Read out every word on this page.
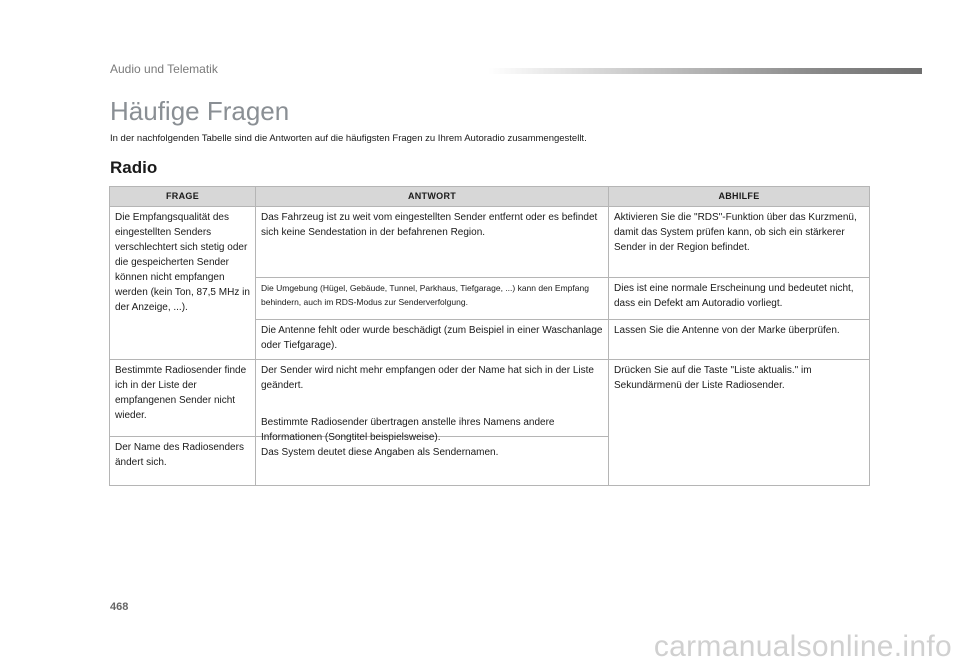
Audio und Telematik
Häufige Fragen
In der nachfolgenden Tabelle sind die Antworten auf die häufigsten Fragen zu Ihrem Autoradio zusammengestellt.
Radio
FRAGE	ANTWORT	ABHILFE
Die Empfangsqualität des eingestellten Senders verschlechtert sich stetig oder die gespeicherten Sender können nicht empfangen werden (kein Ton, 87,5 MHz in der Anzeige, ...).	Das Fahrzeug ist zu weit vom eingestellten Sender entfernt oder es befindet sich keine Sendestation in der befahrenen Region.	Aktivieren Sie die "RDS"-Funktion über das Kurzmenü, damit das System prüfen kann, ob sich ein stärkerer Sender in der Region befindet.
	Die Umgebung (Hügel, Gebäude, Tunnel, Parkhaus, Tiefgarage, ...) kann den Empfang behindern, auch im RDS-Modus zur Senderverfolgung.	Dies ist eine normale Erscheinung und bedeutet nicht, dass ein Defekt am Autoradio vorliegt.
	Die Antenne fehlt oder wurde beschädigt (zum Beispiel in einer Waschanlage oder Tiefgarage).	Lassen Sie die Antenne von der Marke überprüfen.
Bestimmte Radiosender finde ich in der Liste der empfangenen Sender nicht wieder.	Der Sender wird nicht mehr empfangen oder der Name hat sich in der Liste geändert.	Drücken Sie auf die Taste "Liste aktualis." im Sekundärmenü der Liste Radiosender.
Der Name des Radiosenders ändert sich.	Bestimmte Radiosender übertragen anstelle ihres Namens andere Informationen (Songtitel beispielsweise).
Das System deutet diese Angaben als Sendernamen.	
468
carmanualsonline.info
